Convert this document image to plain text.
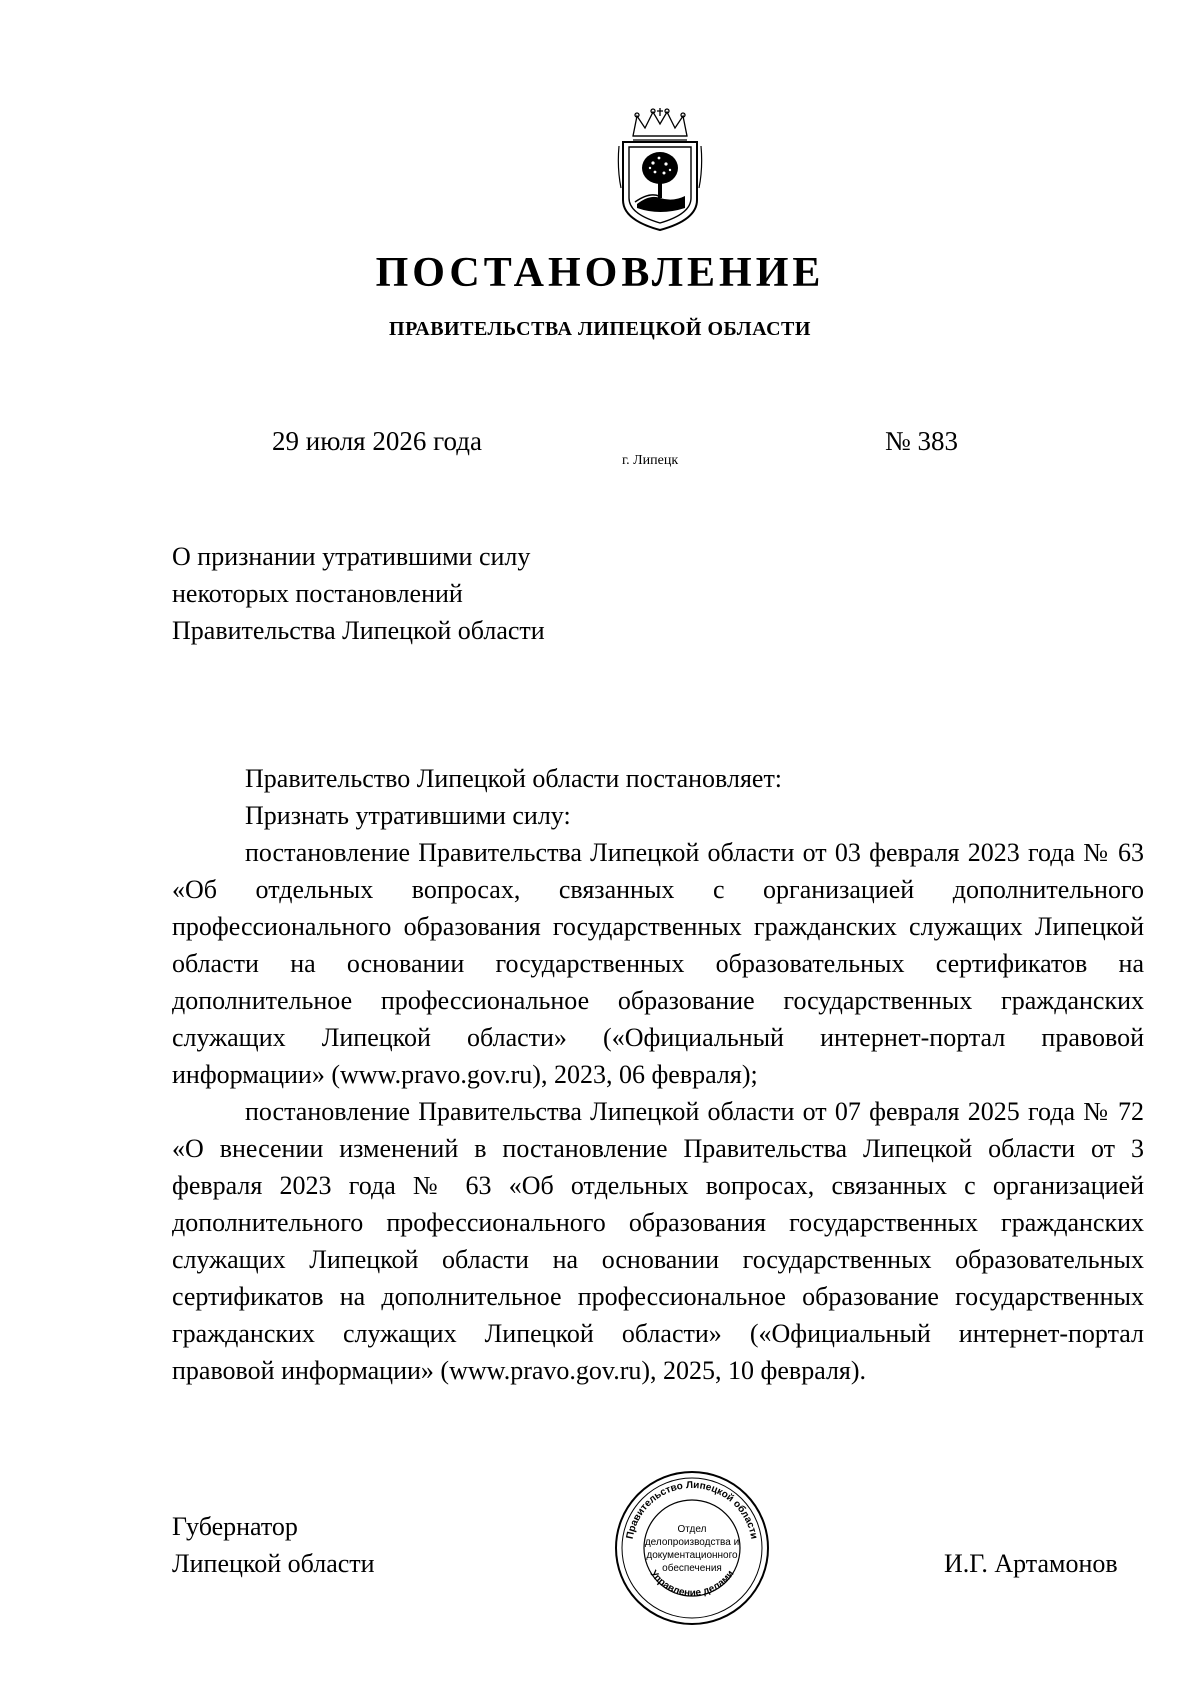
ПОСТАНОВЛЕНИЕ
ПРАВИТЕЛЬСТВА ЛИПЕЦКОЙ ОБЛАСТИ
29 июля 2026 года
г. Липецк
№ 383
О признании утратившими силу
некоторых постановлений
Правительства Липецкой области

Правительство Липецкой области постановляет:

Признать утратившими силу:

постановление Правительства Липецкой области от 03 февраля 2023 года № 63 «Об отдельных вопросах, связанных с организацией дополнительного профессионального образования государственных гражданских служащих Липецкой области на основании государственных образовательных сертификатов на дополнительное профессиональное образование государственных гражданских служащих Липецкой области» («Официальный интернет-портал правовой информации» (www.pravo.gov.ru), 2023, 06 февраля);

постановление Правительства Липецкой области от 07 февраля 2025 года № 72 «О внесении изменений в постановление Правительства Липецкой области от 3 февраля 2023 года № 63 «Об отдельных вопросах, связанных с организацией дополнительного профессионального образования государственных гражданских служащих Липецкой области на основании государственных образовательных сертификатов на дополнительное профессиональное образование государственных гражданских служащих Липецкой области» («Официальный интернет-портал правовой информации» (www.pravo.gov.ru), 2025, 10 февраля).

Губернатор
Липецкой области	И.Г. Артамонов
Правительство Липецкой области
Управление делами
Отдел
делопроизводства и
документационного
обеспечения
